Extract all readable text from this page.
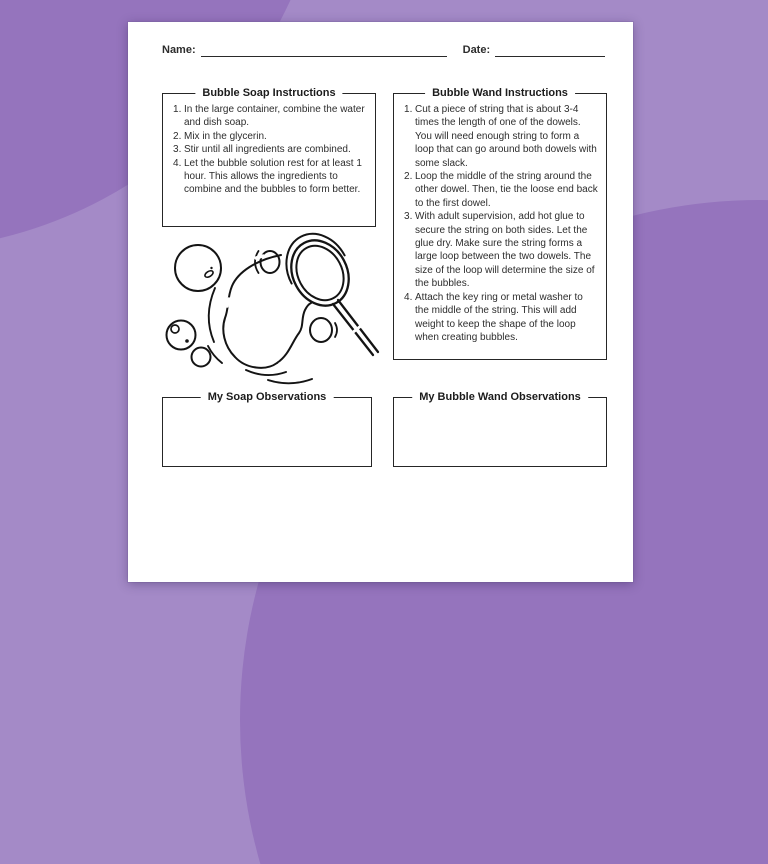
Name:	Date:
Bubble Soap Instructions
In the large container, combine the water and dish soap.
Mix in the glycerin.
Stir until all ingredients are combined.
Let the bubble solution rest for at least 1 hour. This allows the ingredients to combine and the bubbles to form better.
Bubble Wand Instructions
Cut a piece of string that is about 3-4 times the length of one of the dowels. You will need enough string to form a loop that can go around both dowels with some slack.
Loop the middle of the string around the other dowel. Then, tie the loose end back to the first dowel.
With adult supervision, add hot glue to secure the string on both sides. Let the glue dry. Make sure the string forms a large loop between the two dowels. The size of the loop will determine the size of the bubbles.
Attach the key ring or metal washer to the middle of the string. This will add weight to keep the shape of the loop when creating bubbles.
My Soap Observations	My Bubble Wand Observations
